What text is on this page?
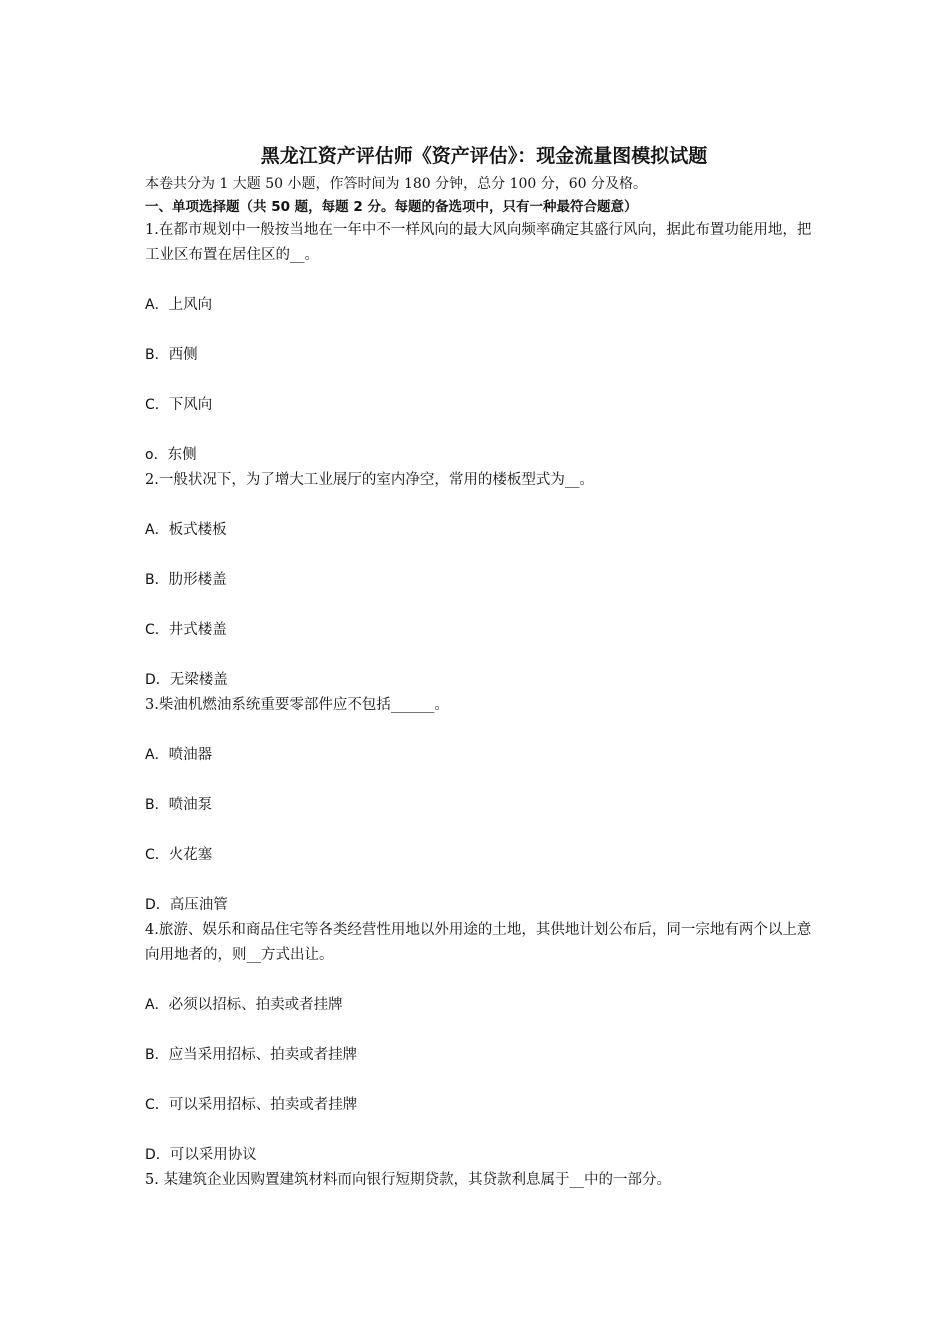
黑龙江资产评估师《资产评估》：现金流量图模拟试题

本卷共分为 1 大题 50 小题，作答时间为 180 分钟，总分 100 分，60 分及格。

一、单项选择题（共 50 题，每题 2 分。每题的备选项中，只有一种最符合题意）

1.在都市规划中一般按当地在一年中不一样风向的最大风向频率确定其盛行风向，据此布置功能用地，把工业区布置在居住区的__。

A．上风向

B．西侧

C．下风向

o．东侧

2.一般状况下，为了增大工业展厅的室内净空，常用的楼板型式为__。

A．板式楼板

B．肋形楼盖

C．井式楼盖

D．无梁楼盖

3.柴油机燃油系统重要零部件应不包括______。

A．喷油器

B．喷油泵

C．火花塞

D．高压油管

4.旅游、娱乐和商品住宅等各类经营性用地以外用途的土地，其供地计划公布后，同一宗地有两个以上意向用地者的，则__方式出让。

A．必须以招标、拍卖或者挂牌

B．应当采用招标、拍卖或者挂牌

C．可以采用招标、拍卖或者挂牌

D．可以采用协议

5. 某建筑企业因购置建筑材料而向银行短期贷款，其贷款利息属于__中的一部分。
